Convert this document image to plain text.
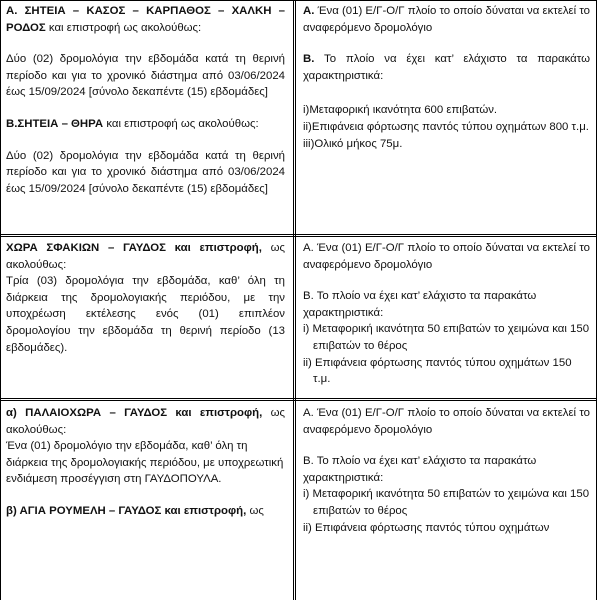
Α. ΣΗΤΕΙΑ – ΚΑΣΟΣ – ΚΑΡΠΑΘΟΣ – ΧΑΛΚΗ – ΡΟΔΟΣ και επιστροφή ως ακολούθως:

Δύο (02) δρομολόγια την εβδομάδα κατά τη θερινή περίοδο και για το χρονικό διάστημα από 03/06/2024 έως 15/09/2024 [σύνολο δεκαπέντε (15) εβδομάδες]

Β.ΣΗΤΕΙΑ – ΘΗΡΑ και επιστροφή ως ακολούθως:

Δύο (02) δρομολόγια την εβδομάδα κατά τη θερινή περίοδο και για το χρονικό διάστημα από 03/06/2024 έως 15/09/2024 [σύνολο δεκαπέντε (15) εβδομάδες]

Α. Ένα (01) Ε/Γ-Ο/Γ πλοίο το οποίο δύναται να εκτελεί το αναφερόμενο δρομολόγιο

Β. Το πλοίο να έχει κατ’ ελάχιστο τα παρακάτω χαρακτηριστικά:

i)Μεταφορική ικανότητα 600 επιβατών.

ii)Επιφάνεια φόρτωσης παντός τύπου οχημάτων 800 τ.μ.

iii)Ολικό μήκος 75μ.

ΧΩΡΑ ΣΦΑΚΙΩΝ – ΓΑΥΔΟΣ και επιστροφή, ως ακολούθως:

Τρία (03) δρομολόγια την εβδομάδα, καθ’ όλη τη διάρκεια της δρομολογιακής περιόδου, με την υποχρέωση εκτέλεσης ενός (01) επιπλέον δρομολογίου την εβδομάδα τη θερινή περίοδο (13 εβδομάδες).

Α. Ένα (01) Ε/Γ-Ο/Γ πλοίο το οποίο δύναται να εκτελεί το αναφερόμενο δρομολόγιο

Β. Το πλοίο να έχει κατ’ ελάχιστο τα παρακάτω χαρακτηριστικά:

i) Μεταφορική ικανότητα 50 επιβατών το χειμώνα και 150 επιβατών το θέρος

ii) Επιφάνεια φόρτωσης παντός τύπου οχημάτων 150 τ.μ.

α) ΠΑΛΑΙΟΧΩΡΑ – ΓΑΥΔΟΣ και επιστροφή, ως ακολούθως:

Ένα (01) δρομολόγιο την εβδομάδα, καθ’ όλη τη διάρκεια της δρομολογιακής περιόδου, με υποχρεωτική ενδιάμεση προσέγγιση στη ΓΑΥΔΟΠΟΥΛΑ.

β) ΑΓΙΑ ΡΟΥΜΕΛΗ – ΓΑΥΔΟΣ και επιστροφή, ως

Α. Ένα (01) Ε/Γ-Ο/Γ πλοίο το οποίο δύναται να εκτελεί το αναφερόμενο δρομολόγιο

Β. Το πλοίο να έχει κατ’ ελάχιστο τα παρακάτω χαρακτηριστικά:

i) Μεταφορική ικανότητα 50 επιβατών το χειμώνα και 150 επιβατών το θέρος

ii) Επιφάνεια φόρτωσης παντός τύπου οχημάτων
